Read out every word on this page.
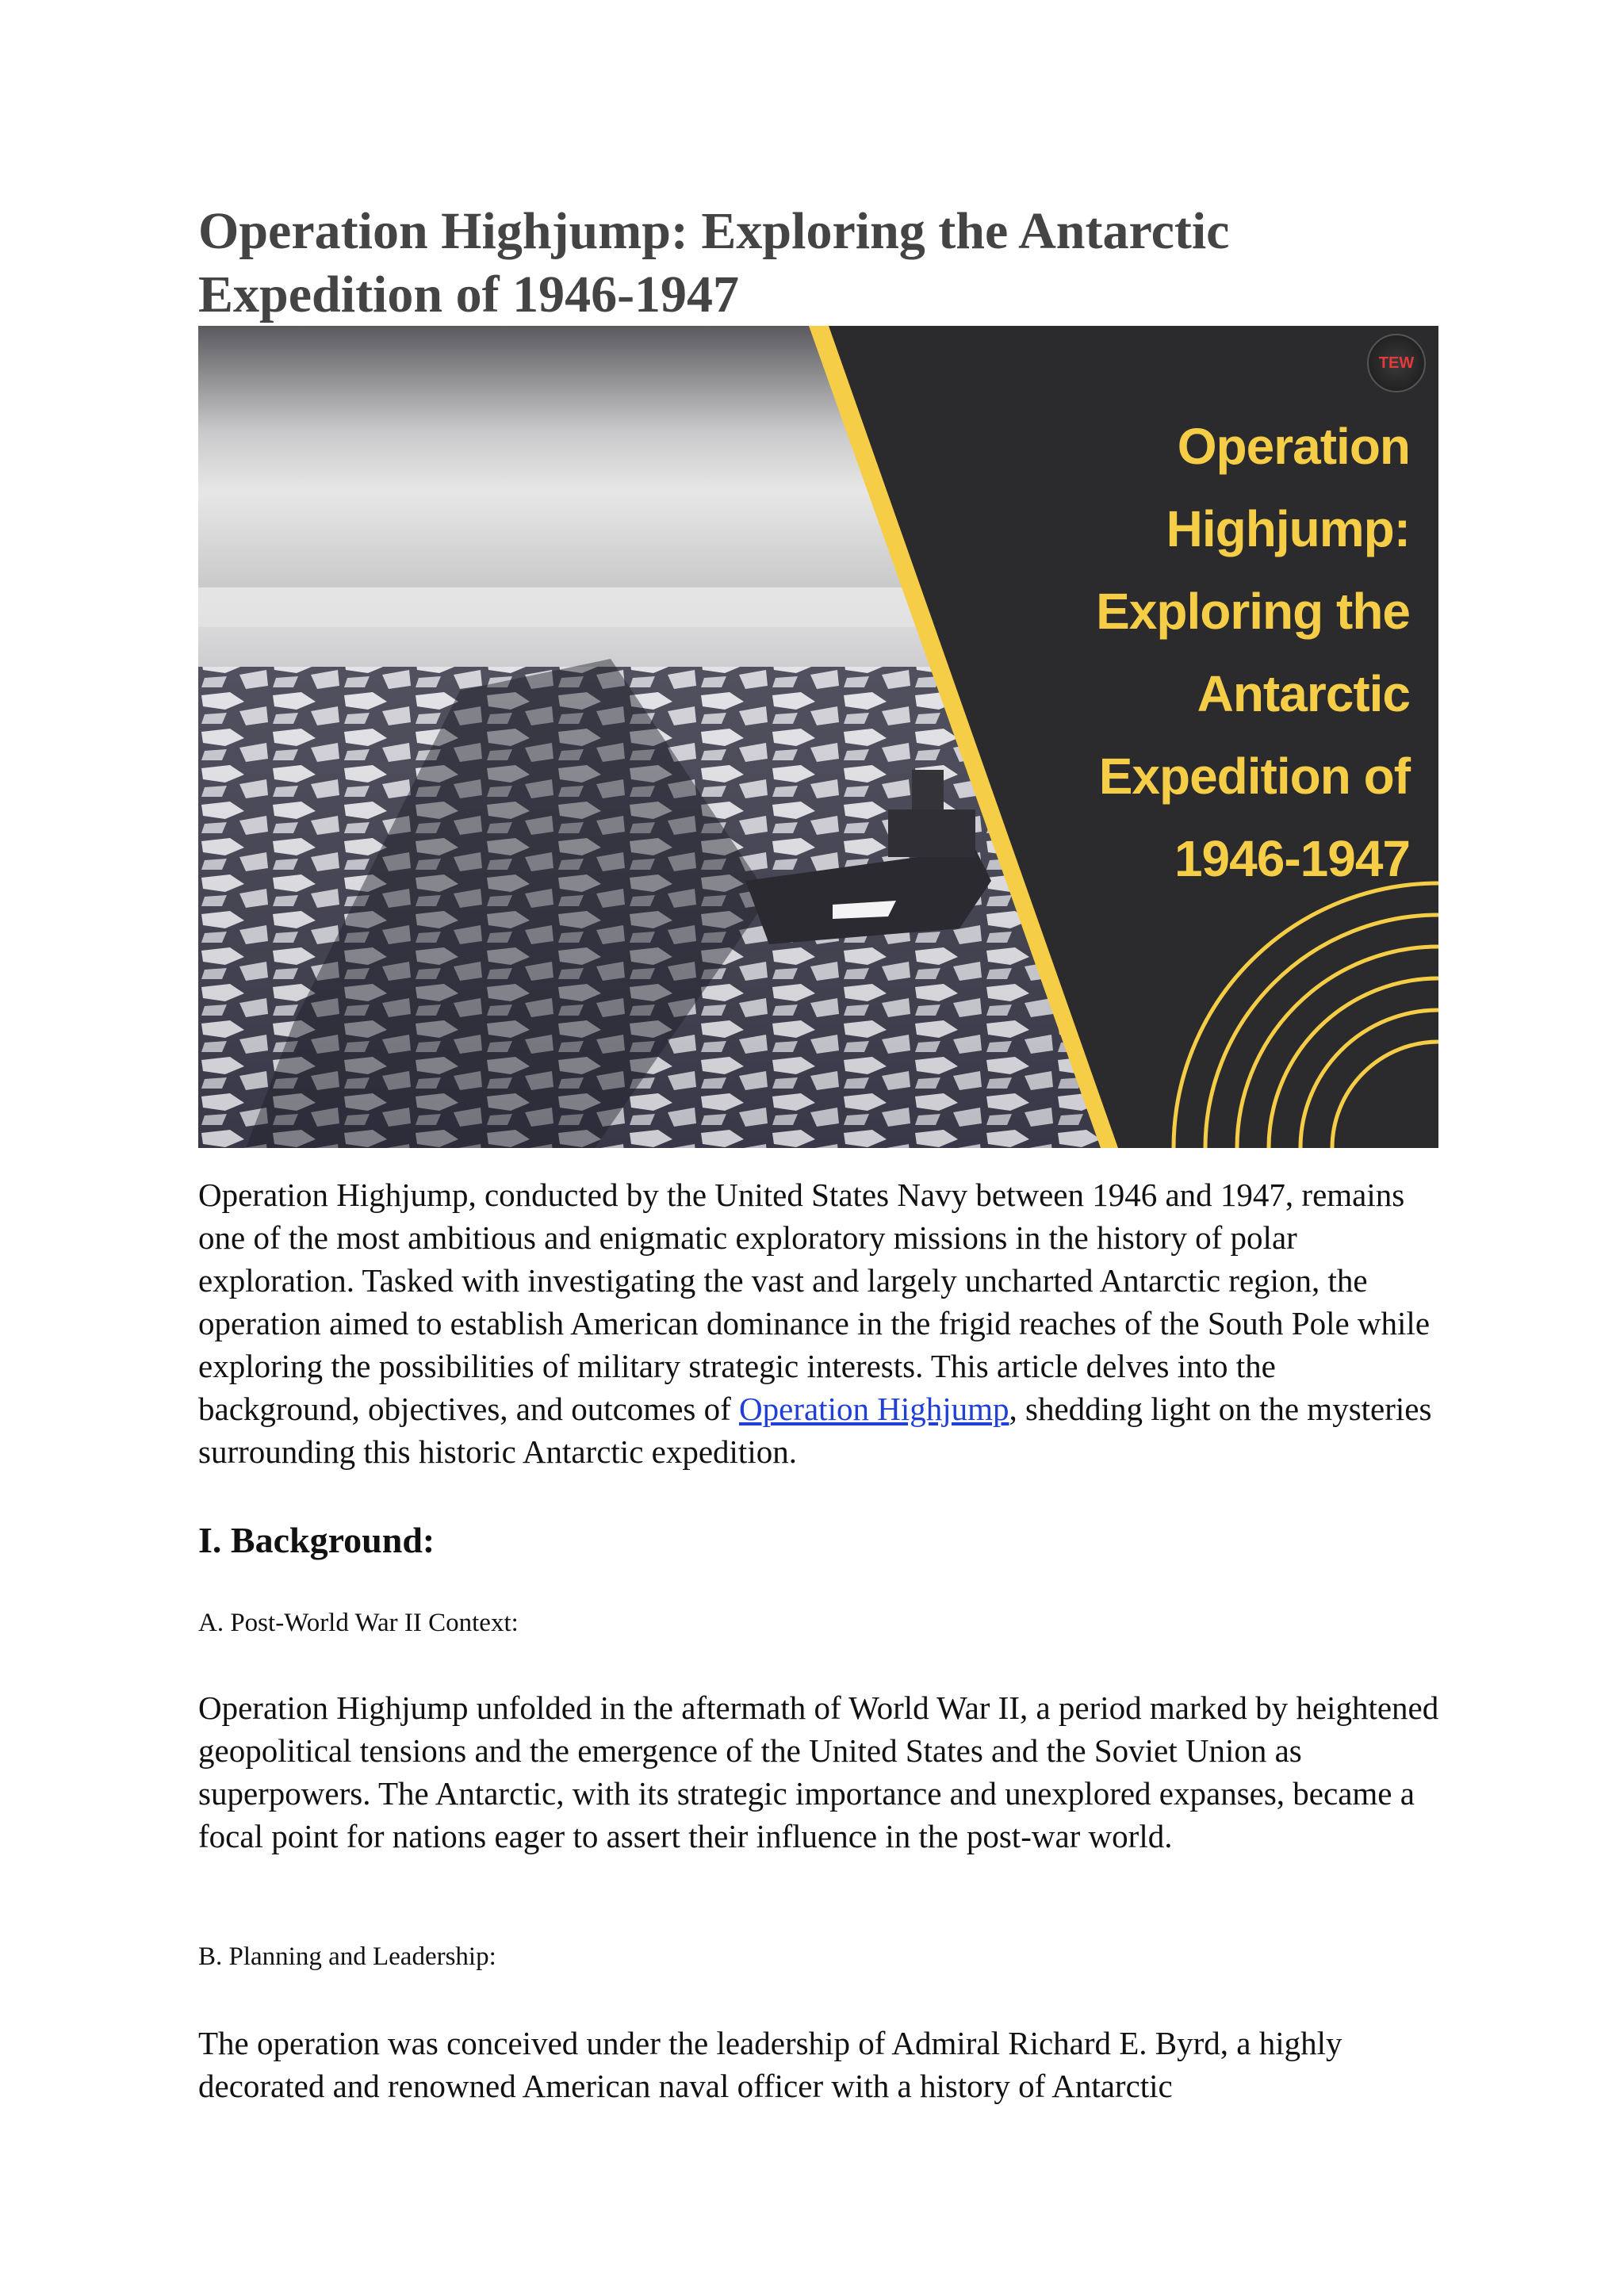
Operation Highjump: Exploring the Antarctic Expedition of 1946-1947
TEW
Operation
Highjump:
Exploring the
Antarctic
Expedition of
1946-1947

Operation Highjump, conducted by the United States Navy between 1946 and 1947, remains one of the most ambitious and enigmatic exploratory missions in the history of polar exploration. Tasked with investigating the vast and largely uncharted Antarctic region, the operation aimed to establish American dominance in the frigid reaches of the South Pole while exploring the possibilities of military strategic interests. This article delves into the background, objectives, and outcomes of Operation Highjump, shedding light on the mysteries surrounding this historic Antarctic expedition.

I. Background:

A. Post-World War II Context:

Operation Highjump unfolded in the aftermath of World War II, a period marked by heightened geopolitical tensions and the emergence of the United States and the Soviet Union as superpowers. The Antarctic, with its strategic importance and unexplored expanses, became a focal point for nations eager to assert their influence in the post-war world.

B. Planning and Leadership:

The operation was conceived under the leadership of Admiral Richard E. Byrd, a highly decorated and renowned American naval officer with a history of Antarctic
